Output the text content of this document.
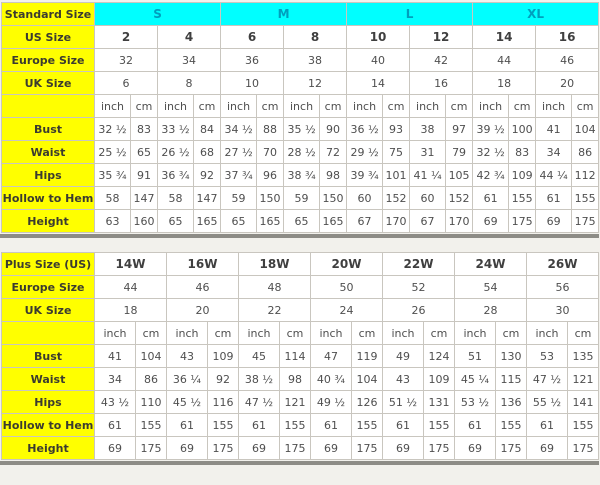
Standard Size	S				M				L				XL			
US Size	2		4		6		8		10		12		14		16	
Europe Size	32		34		36		38		40		42		44		46	
UK Size	6		8		10		12		14		16		18		20	
	inch	cm	inch	cm	inch	cm	inch	cm	inch	cm	inch	cm	inch	cm	inch	cm
Bust	32 ½	83	33 ½	84	34 ½	88	35 ½	90	36 ½	93	38	97	39 ½	100	41	104
Waist	25 ½	65	26 ½	68	27 ½	70	28 ½	72	29 ½	75	31	79	32 ½	83	34	86
Hips	35 ¾	91	36 ¾	92	37 ¾	96	38 ¾	98	39 ¾	101	41 ¼	105	42 ¾	109	44 ¼	112
Hollow to Hem	58	147	58	147	59	150	59	150	60	152	60	152	61	155	61	155
Height	63	160	65	165	65	165	65	165	67	170	67	170	69	175	69	175
Plus Size (US)	14W		16W		18W		20W		22W		24W		26W	
Europe Size	44		46		48		50		52		54		56	
UK Size	18		20		22		24		26		28		30	
	inch	cm	inch	cm	inch	cm	inch	cm	inch	cm	inch	cm	inch	cm
Bust	41	104	43	109	45	114	47	119	49	124	51	130	53	135
Waist	34	86	36 ¼	92	38 ½	98	40 ¾	104	43	109	45 ¼	115	47 ½	121
Hips	43 ½	110	45 ½	116	47 ½	121	49 ½	126	51 ½	131	53 ½	136	55 ½	141
Hollow to Hem	61	155	61	155	61	155	61	155	61	155	61	155	61	155
Height	69	175	69	175	69	175	69	175	69	175	69	175	69	175
